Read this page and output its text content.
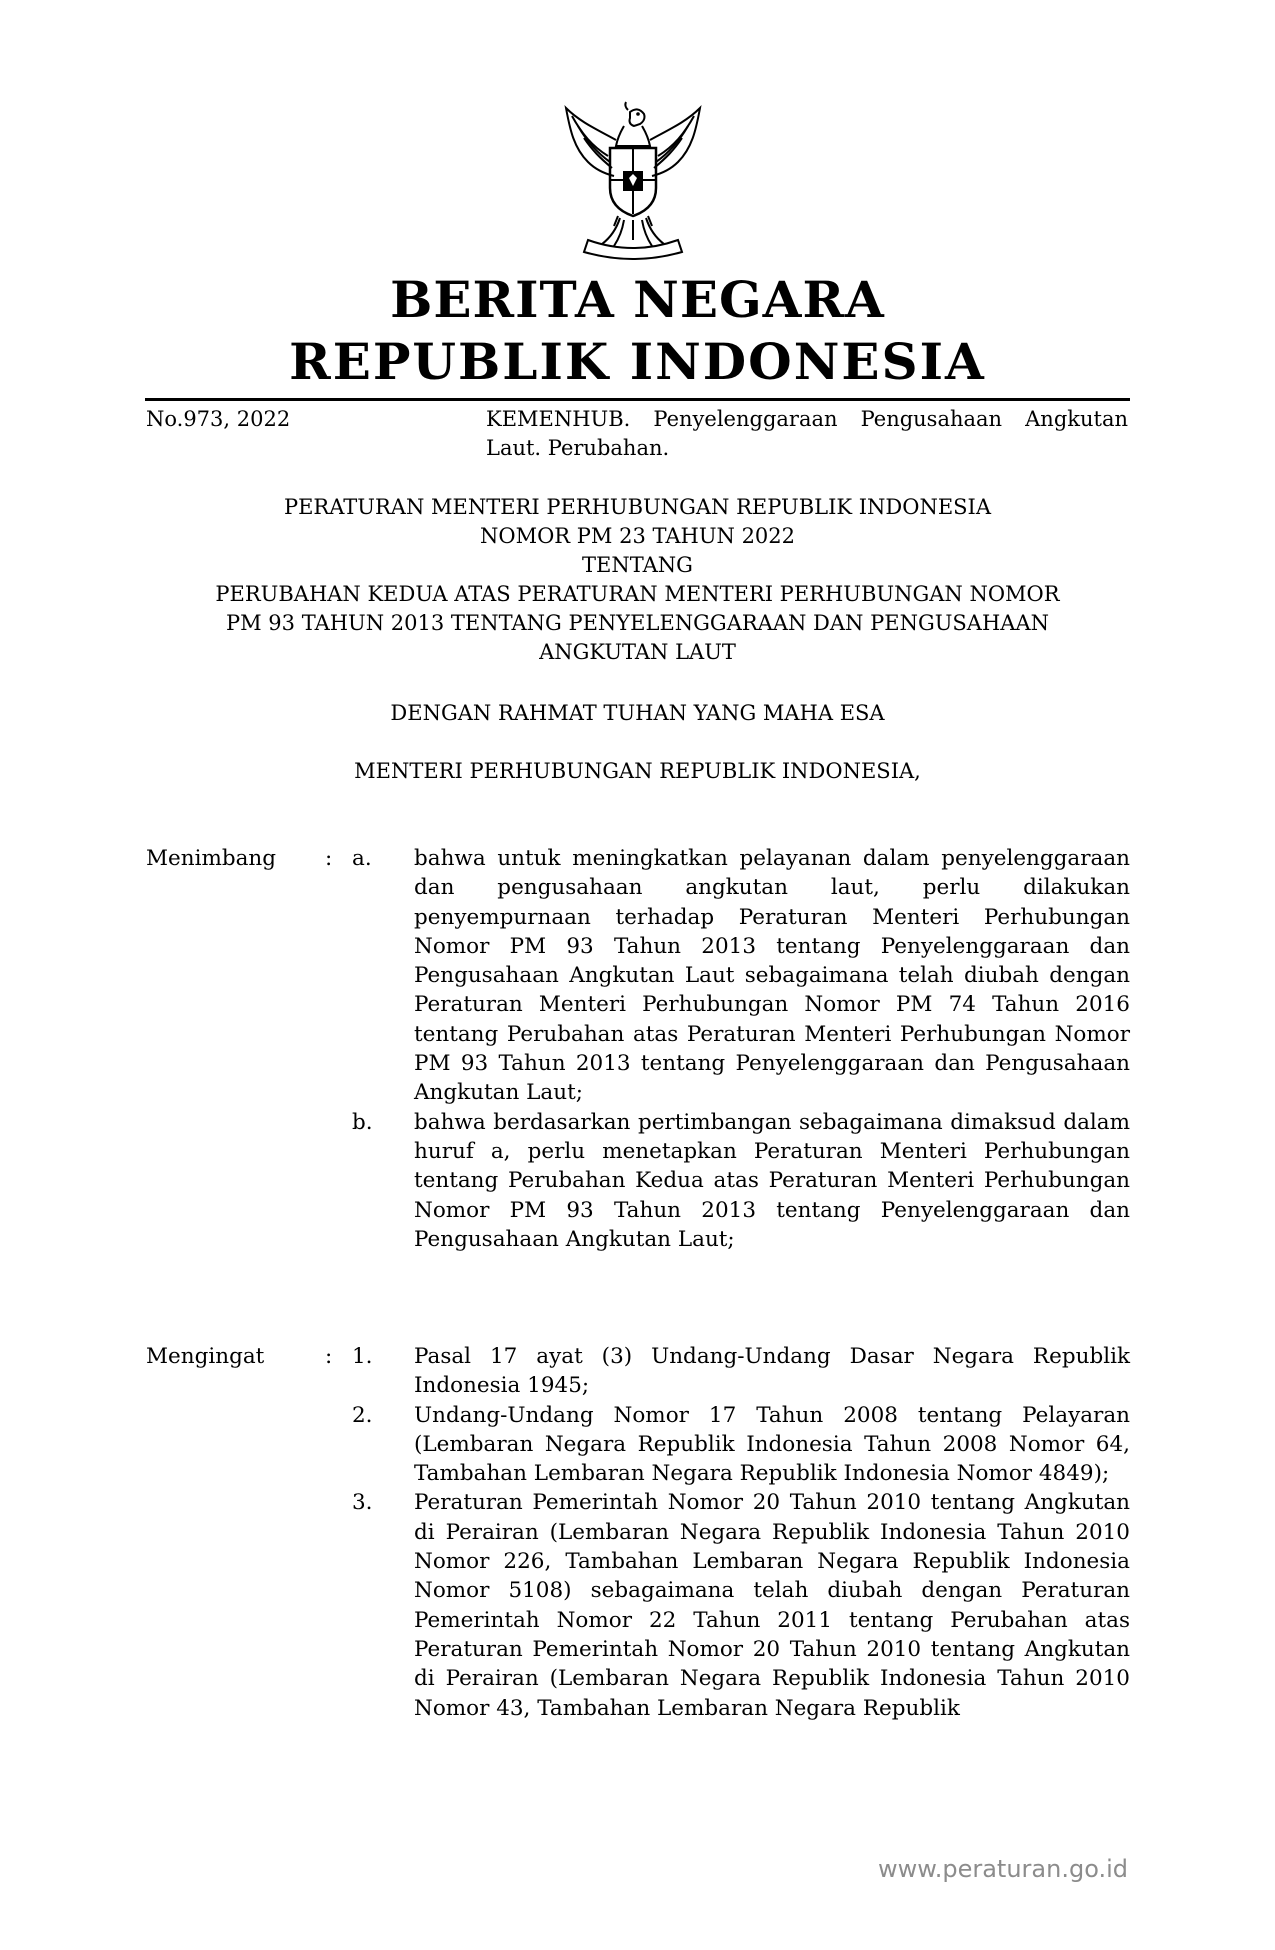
BERITA NEGARA
REPUBLIK INDONESIA
No.973, 2022	KEMENHUB. Penyelenggaraan Pengusahaan Angkutan Laut. Perubahan.
PERATURAN MENTERI PERHUBUNGAN REPUBLIK INDONESIA
NOMOR PM 23 TAHUN 2022
TENTANG
PERUBAHAN KEDUA ATAS PERATURAN MENTERI PERHUBUNGAN NOMOR
PM 93 TAHUN 2013 TENTANG PENYELENGGARAAN DAN PENGUSAHAAN
ANGKUTAN LAUT
DENGAN RAHMAT TUHAN YANG MAHA ESA
MENTERI PERHUBUNGAN REPUBLIK INDONESIA,
Menimbang : a. bahwa untuk meningkatkan pelayanan dalam penyelenggaraan dan pengusahaan angkutan laut, perlu dilakukan penyempurnaan terhadap Peraturan Menteri Perhubungan Nomor PM 93 Tahun 2013 tentang Penyelenggaraan dan Pengusahaan Angkutan Laut sebagaimana telah diubah dengan Peraturan Menteri Perhubungan Nomor PM 74 Tahun 2016 tentang Perubahan atas Peraturan Menteri Perhubungan Nomor PM 93 Tahun 2013 tentang Penyelenggaraan dan Pengusahaan Angkutan Laut;
b. bahwa berdasarkan pertimbangan sebagaimana dimaksud dalam huruf a, perlu menetapkan Peraturan Menteri Perhubungan tentang Perubahan Kedua atas Peraturan Menteri Perhubungan Nomor PM 93 Tahun 2013 tentang Penyelenggaraan dan Pengusahaan Angkutan Laut;
Mengingat	: 1. Pasal 17 ayat (3) Undang-Undang Dasar Negara Republik Indonesia 1945;
2. Undang-Undang Nomor 17 Tahun 2008 tentang Pelayaran (Lembaran Negara Republik Indonesia Tahun 2008 Nomor 64, Tambahan Lembaran Negara Republik Indonesia Nomor 4849);
3. Peraturan Pemerintah Nomor 20 Tahun 2010 tentang Angkutan di Perairan (Lembaran Negara Republik Indonesia Tahun 2010 Nomor 226, Tambahan Lembaran Negara Republik Indonesia Nomor 5108) sebagaimana telah diubah dengan Peraturan Pemerintah Nomor 22 Tahun 2011 tentang Perubahan atas Peraturan Pemerintah Nomor 20 Tahun 2010 tentang Angkutan di Perairan (Lembaran Negara Republik Indonesia Tahun 2010 Nomor 43, Tambahan Lembaran Negara Republik
www.peraturan.go.id
